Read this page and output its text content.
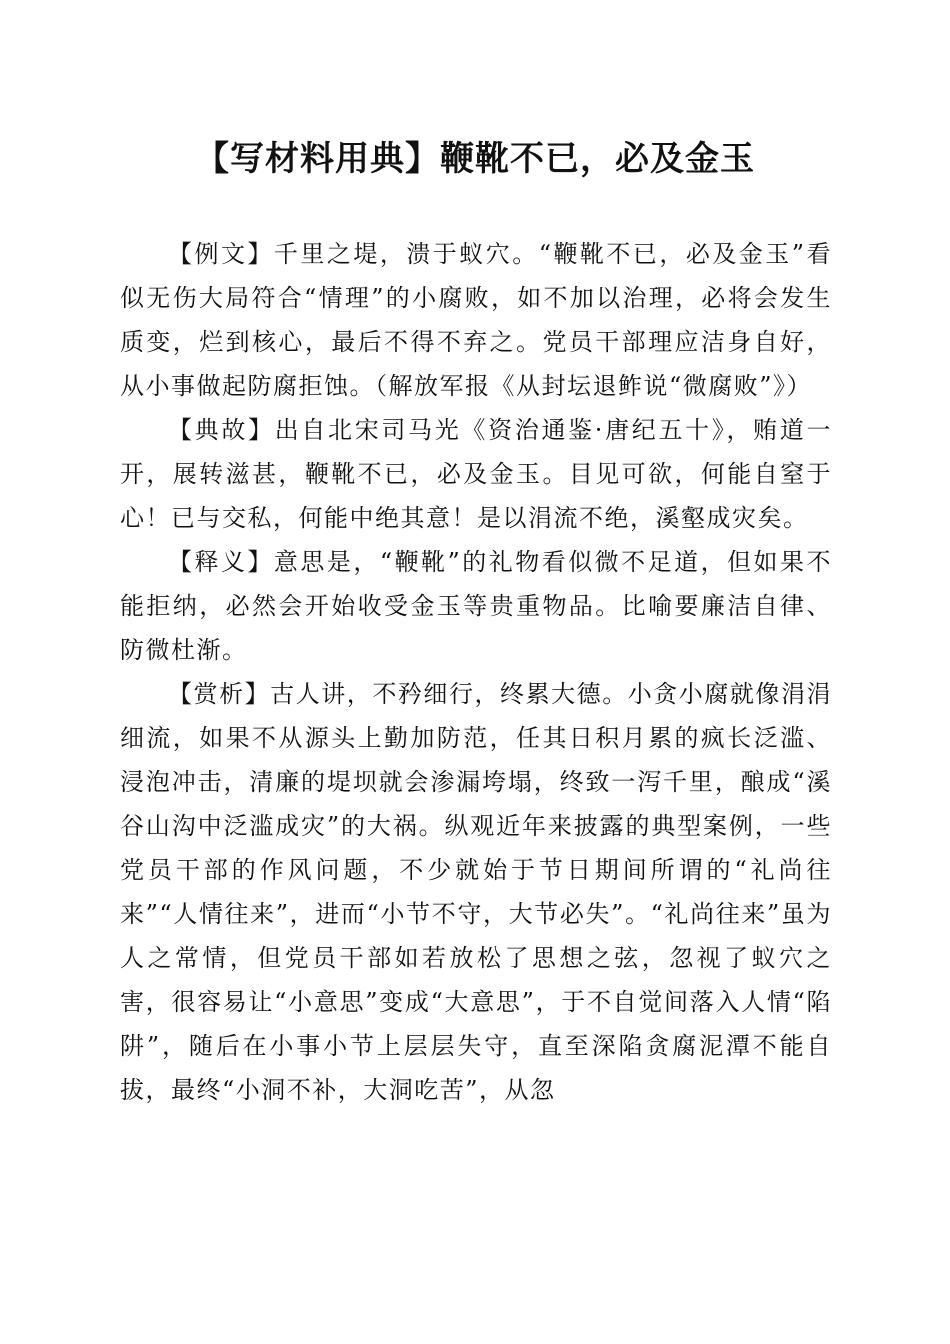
【写材料用典】鞭靴不已，必及金玉

【例文】千里之堤，溃于蚁穴。“鞭靴不已，必及金玉”看似无伤大局符合“情理”的小腐败，如不加以治理，必将会发生质变，烂到核心，最后不得不弃之。党员干部理应洁身自好，从小事做起防腐拒蚀。（解放军报《从封坛退鲊说“微腐败”》）

【典故】出自北宋司马光《资治通鉴·唐纪五十》，贿道一开，展转滋甚，鞭靴不已，必及金玉。目见可欲，何能自窒于心！已与交私，何能中绝其意！是以涓流不绝，溪壑成灾矣。

【释义】意思是，“鞭靴”的礼物看似微不足道，但如果不能拒纳，必然会开始收受金玉等贵重物品。比喻要廉洁自律、防微杜渐。

【赏析】古人讲，不矜细行，终累大德。小贪小腐就像涓涓细流，如果不从源头上勤加防范，任其日积月累的疯长泛滥、浸泡冲击，清廉的堤坝就会渗漏垮塌，终致一泻千里，酿成“溪谷山沟中泛滥成灾”的大祸。纵观近年来披露的典型案例，一些党员干部的作风问题，不少就始于节日期间所谓的“礼尚往来”“人情往来”，进而“小节不守，大节必失”。“礼尚往来”虽为人之常情，但党员干部如若放松了思想之弦，忽视了蚁穴之害，很容易让“小意思”变成“大意思”，于不自觉间落入人情“陷阱”，随后在小事小节上层层失守，直至深陷贪腐泥潭不能自拔，最终“小洞不补，大洞吃苦”，从忽
